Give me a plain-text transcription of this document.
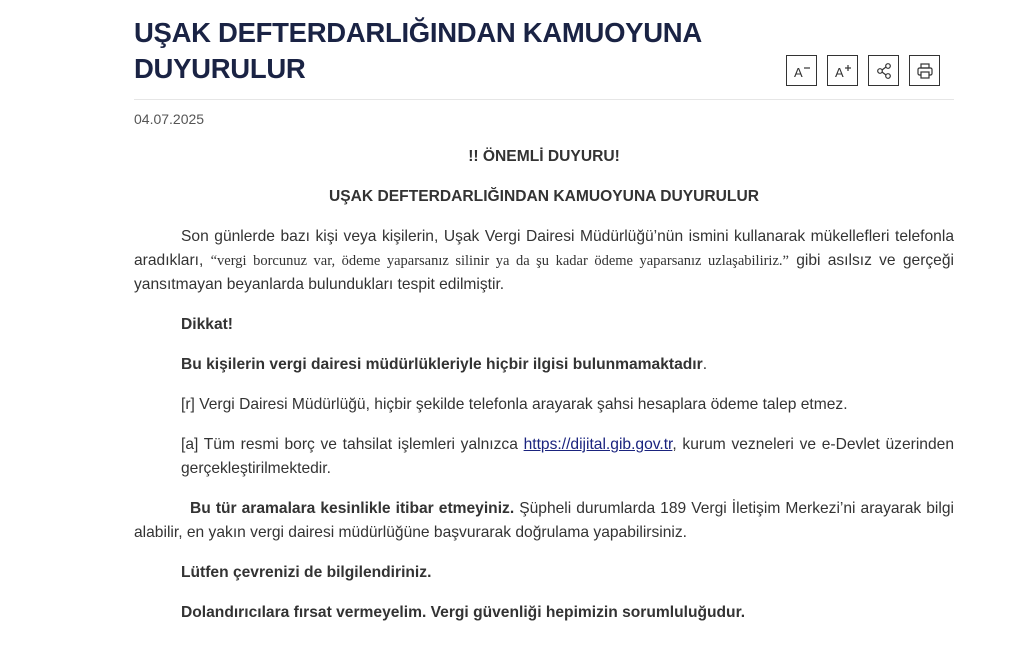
UŞAK DEFTERDARLIĞINDAN KAMUOYUNA DUYURULUR	A A
04.07.2025

!! ÖNEMLİ DUYURU!

UŞAK DEFTERDARLIĞINDAN KAMUOYUNA DUYURULUR

Son günlerde bazı kişi veya kişilerin, Uşak Vergi Dairesi Müdürlüğü’nün ismini kullanarak mükellefleri telefonla aradıkları, “vergi borcunuz var, ödeme yaparsanız silinir ya da şu kadar ödeme yaparsanız uzlaşabiliriz.” gibi asılsız ve gerçeği yansıtmayan beyanlarda bulundukları tespit edilmiştir.

Dikkat!

Bu kişilerin vergi dairesi müdürlükleriyle hiçbir ilgisi bulunmamaktadır.

[r] Vergi Dairesi Müdürlüğü, hiçbir şekilde telefonla arayarak şahsi hesaplara ödeme talep etmez.

[a] Tüm resmi borç ve tahsilat işlemleri yalnızca https://dijital.gib.gov.tr, kurum vezneleri ve e-Devlet üzerinden gerçekleştirilmektedir.

Bu tür aramalara kesinlikle itibar etmeyiniz. Şüpheli durumlarda 189 Vergi İletişim Merkezi’ni arayarak bilgi alabilir, en yakın vergi dairesi müdürlüğüne başvurarak doğrulama yapabilirsiniz.

Lütfen çevrenizi de bilgilendiriniz.

Dolandırıcılara fırsat vermeyelim. Vergi güvenliği hepimizin sorumluluğudur.
